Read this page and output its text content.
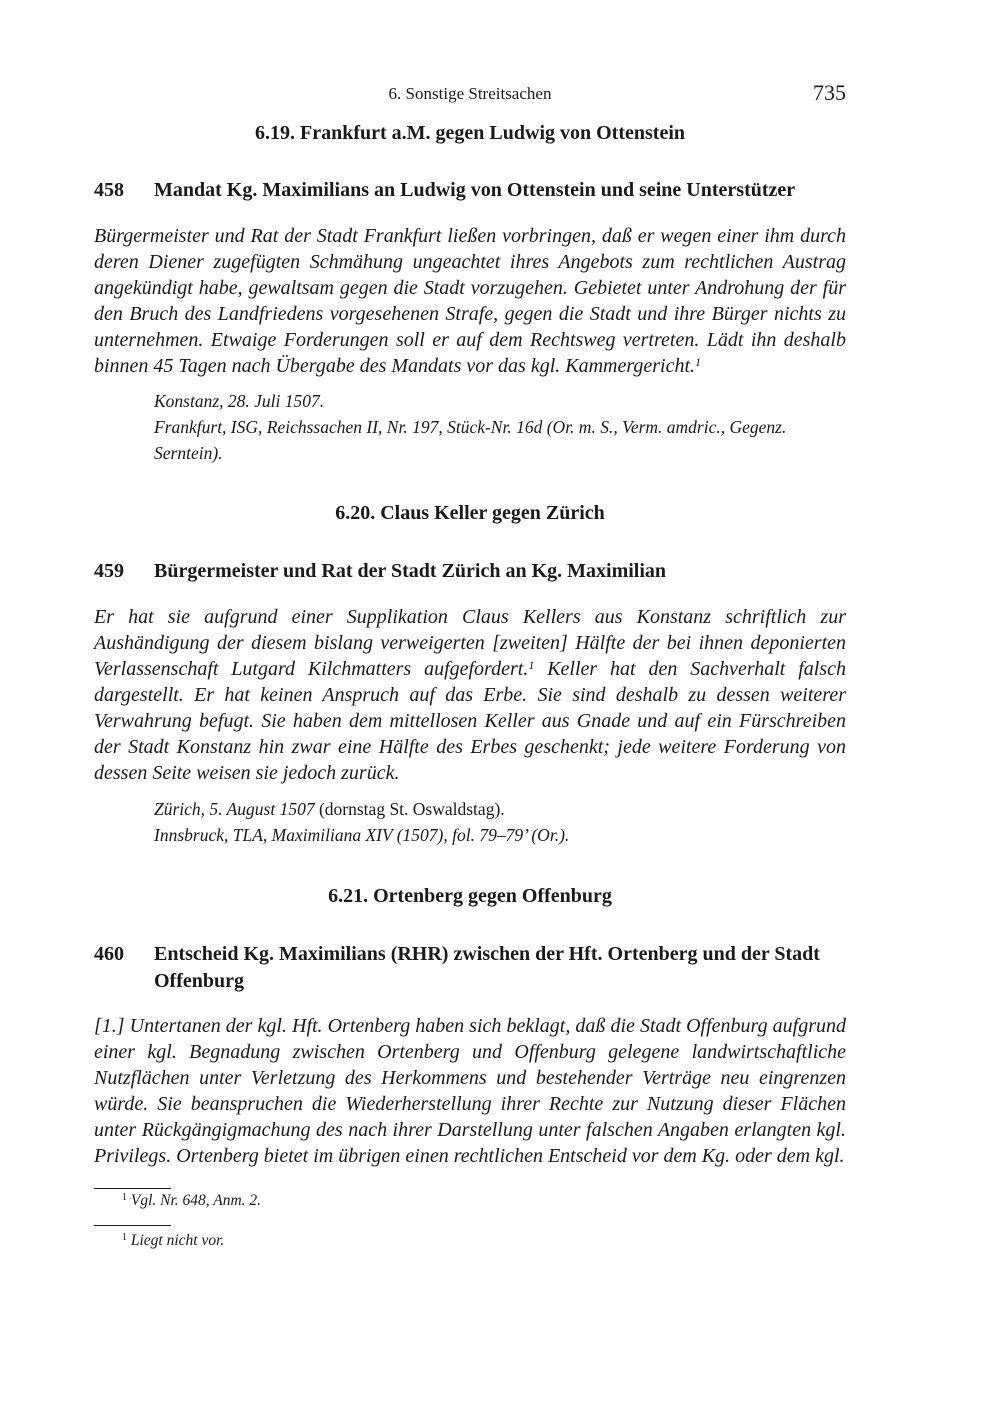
6. Sonstige Streitsachen	735
6.19. Frankfurt a.M. gegen Ludwig von Ottenstein
458 Mandat Kg. Maximilians an Ludwig von Ottenstein und seine Unterstützer
Bürgermeister und Rat der Stadt Frankfurt ließen vorbringen, daß er wegen einer ihm durch deren Diener zugefügten Schmähung ungeachtet ihres Angebots zum rechtlichen Austrag angekündigt habe, gewaltsam gegen die Stadt vorzugehen. Gebietet unter Androhung der für den Bruch des Landfriedens vorgesehenen Strafe, gegen die Stadt und ihre Bürger nichts zu unternehmen. Etwaige Forderungen soll er auf dem Rechtsweg vertreten. Lädt ihn deshalb binnen 45 Tagen nach Übergabe des Mandats vor das kgl. Kammergericht.$^1$
Konstanz, 28. Juli 1507.
Frankfurt, ISG, Reichssachen II, Nr. 197, Stück-Nr. 16d (Or. m. S., Verm. amdric., Gegenz. Serntein).
6.20. Claus Keller gegen Zürich
459 Bürgermeister und Rat der Stadt Zürich an Kg. Maximilian
Er hat sie aufgrund einer Supplikation Claus Kellers aus Konstanz schriftlich zur Aushändigung der diesem bislang verweigerten [zweiten] Hälfte der bei ihnen deponierten Verlassenschaft Lutgard Kilchmatters aufgefordert.$^1$ Keller hat den Sachverhalt falsch dargestellt. Er hat keinen Anspruch auf das Erbe. Sie sind deshalb zu dessen weiterer Verwahrung befugt. Sie haben dem mittellosen Keller aus Gnade und auf ein Fürschreiben der Stadt Konstanz hin zwar eine Hälfte des Erbes geschenkt; jede weitere Forderung von dessen Seite weisen sie jedoch zurück.
Zürich, 5. August 1507 (dornstag St. Oswaldstag).
Innsbruck, TLA, Maximiliana XIV (1507), fol. 79–79’ (Or.).
6.21. Ortenberg gegen Offenburg
460 Entscheid Kg. Maximilians (RHR) zwischen der Hft. Ortenberg und der Stadt Offenburg
[1.] Untertanen der kgl. Hft. Ortenberg haben sich beklagt, daß die Stadt Offenburg aufgrund einer kgl. Begnadung zwischen Ortenberg und Offenburg gelegene landwirtschaftliche Nutzflächen unter Verletzung des Herkommens und bestehender Verträge neu eingrenzen würde. Sie beanspruchen die Wiederherstellung ihrer Rechte zur Nutzung dieser Flächen unter Rückgängigmachung des nach ihrer Darstellung unter falschen Angaben erlangten kgl. Privilegs. Ortenberg bietet im übrigen einen rechtlichen Entscheid vor dem Kg. oder dem kgl.
$^1$ Vgl. Nr. 648, Anm. 2.
$^1$ Liegt nicht vor.
